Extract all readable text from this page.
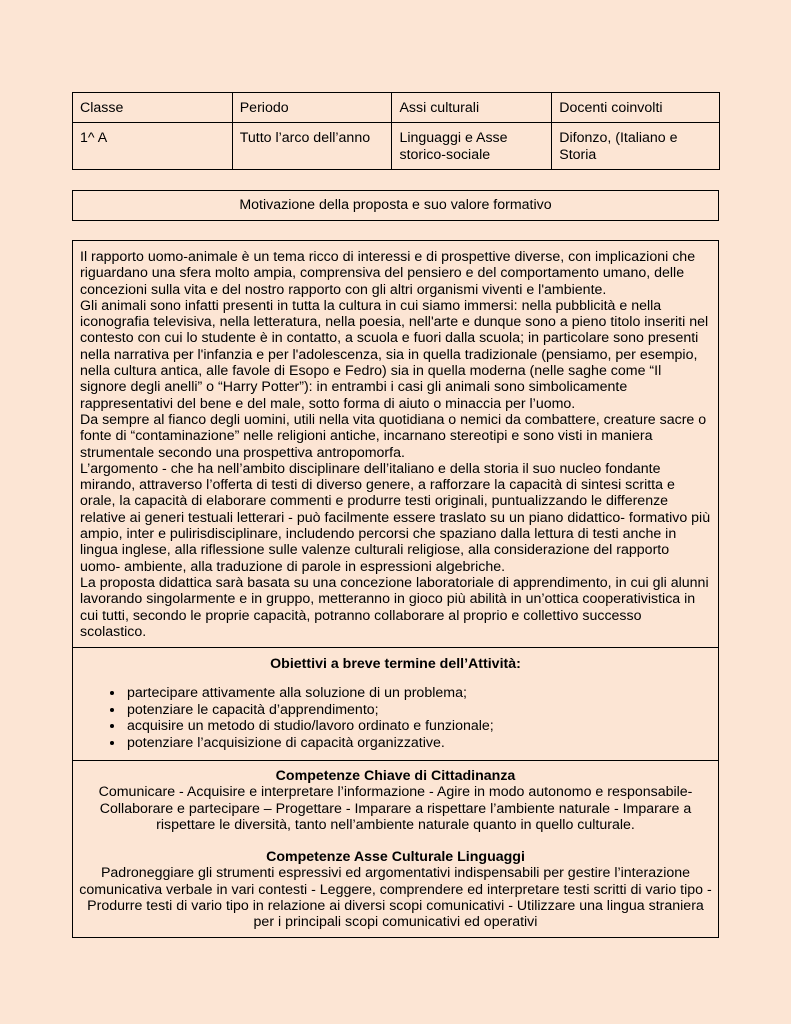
Classe	Periodo	Assi culturali	Docenti coinvolti
1^ A	Tutto l’arco dell’anno	Linguaggi e Asse storico-sociale	Difonzo, (Italiano e Storia
Motivazione della proposta e suo valore formativo

Il rapporto uomo-animale è un tema ricco di interessi e di prospettive diverse, con implicazioni che riguardano una sfera molto ampia, comprensiva del pensiero e del comportamento umano, delle concezioni sulla vita e del nostro rapporto con gli altri organismi viventi e l'ambiente.

Gli animali sono infatti presenti in tutta la cultura in cui siamo immersi: nella pubblicità e nella iconografia televisiva, nella letteratura, nella poesia, nell'arte e dunque sono a pieno titolo inseriti nel contesto con cui lo studente è in contatto, a scuola e fuori dalla scuola; in particolare sono presenti nella narrativa per l'infanzia e per l'adolescenza, sia in quella tradizionale (pensiamo, per esempio, nella cultura antica, alle favole di Esopo e Fedro) sia in quella moderna (nelle saghe come “Il signore degli anelli” o “Harry Potter”): in entrambi i casi gli animali sono simbolicamente rappresentativi del bene e del male, sotto forma di aiuto o minaccia per l’uomo.

Da sempre al fianco degli uomini, utili nella vita quotidiana o nemici da combattere, creature sacre o fonte di “contaminazione” nelle religioni antiche, incarnano stereotipi e sono visti in maniera strumentale secondo una prospettiva antropomorfa.

L’argomento - che ha nell’ambito disciplinare dell’italiano e della storia il suo nucleo fondante mirando, attraverso l’offerta di testi di diverso genere, a rafforzare la capacità di sintesi scritta e orale, la capacità di elaborare commenti e produrre testi originali, puntualizzando le differenze relative ai generi testuali letterari - può facilmente essere traslato su un piano didattico- formativo più ampio, inter e pulirisdisciplinare, includendo percorsi che spaziano dalla lettura di testi anche in lingua inglese, alla riflessione sulle valenze culturali religiose, alla considerazione del rapporto uomo- ambiente, alla traduzione di parole in espressioni algebriche.

La proposta didattica sarà basata su una concezione laboratoriale di apprendimento, in cui gli alunni lavorando singolarmente e in gruppo, metteranno in gioco più abilità in un’ottica cooperativistica in cui tutti, secondo le proprie capacità, potranno collaborare al proprio e collettivo successo scolastico.

Obiettivi a breve termine dell’Attività:
• partecipare attivamente alla soluzione di un problema;
• potenziare le capacità d’apprendimento;
• acquisire un metodo di studio/lavoro ordinato e funzionale;
• potenziare l’acquisizione di capacità organizzative.
Competenze Chiave di Cittadinanza
Comunicare - Acquisire e interpretare l’informazione - Agire in modo autonomo e responsabile- Collaborare e partecipare – Progettare - Imparare a rispettare l’ambiente naturale - Imparare a rispettare le diversità, tanto nell’ambiente naturale quanto in quello culturale.
Competenze Asse Culturale Linguaggi
Padroneggiare gli strumenti espressivi ed argomentativi indispensabili per gestire l’interazione comunicativa verbale in vari contesti - Leggere, comprendere ed interpretare testi scritti di vario tipo - Produrre testi di vario tipo in relazione ai diversi scopi comunicativi - Utilizzare una lingua straniera per i principali scopi comunicativi ed operativi
